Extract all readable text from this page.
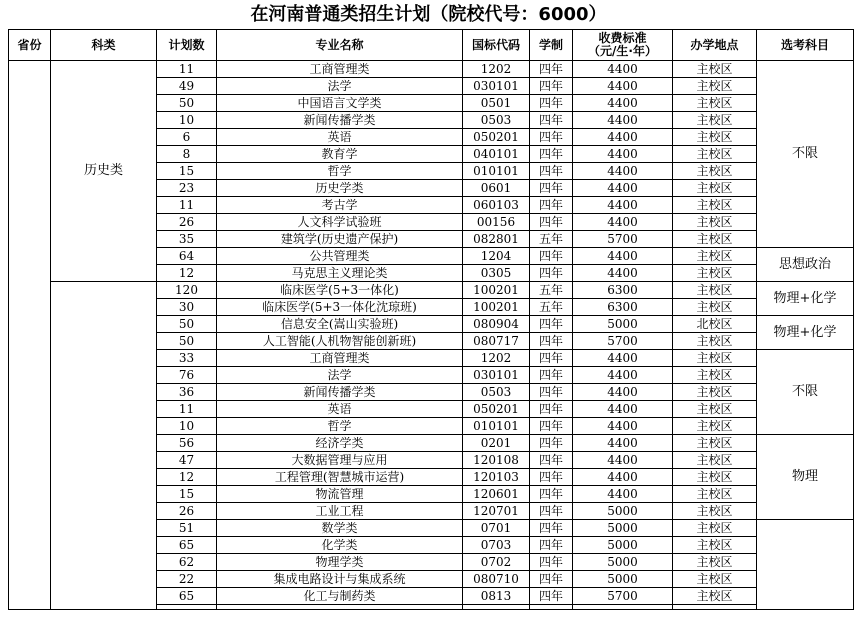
在河南普通类招生计划（院校代号：6000）
省份	科类	计划数	专业名称	国标代码	学制	收费标准
（元/生·年）	办学地点	选考科目
	历史类	11	工商管理类	1202	四年	4400	主校区	不限
		49	法学	030101	四年	4400	主校区	
		50	中国语言文学类	0501	四年	4400	主校区	
		10	新闻传播学类	0503	四年	4400	主校区	
		6	英语	050201	四年	4400	主校区	
		8	教育学	040101	四年	4400	主校区	
		15	哲学	010101	四年	4400	主校区	
		23	历史学类	0601	四年	4400	主校区	
		11	考古学	060103	四年	4400	主校区	
		26	人文科学试验班	00156	四年	4400	主校区	
		35	建筑学(历史遗产保护)	082801	五年	5700	主校区	
		64	公共管理类	1204	四年	4400	主校区	思想政治
		12	马克思主义理论类	0305	四年	4400	主校区	
		120	临床医学(5+3一体化)	100201	五年	6300	主校区	物理+化学
		30	临床医学(5+3一体化沈琼班)	100201	五年	6300	主校区	
		50	信息安全(嵩山实验班)	080904	四年	5000	北校区	物理+化学
		50	人工智能(人机物智能创新班)	080717	四年	5700	主校区	
		33	工商管理类	1202	四年	4400	主校区	不限
		76	法学	030101	四年	4400	主校区	
		36	新闻传播学类	0503	四年	4400	主校区	
		11	英语	050201	四年	4400	主校区	
		10	哲学	010101	四年	4400	主校区	
		56	经济学类	0201	四年	4400	主校区	物理
		47	大数据管理与应用	120108	四年	4400	主校区	
		12	工程管理(智慧城市运营)	120103	四年	4400	主校区	
		15	物流管理	120601	四年	4400	主校区	
		26	工业工程	120701	四年	5000	主校区	
		51	数学类	0701	四年	5000	主校区	
		65	化学类	0703	四年	5000	主校区	
		62	物理学类	0702	四年	5000	主校区	
		22	集成电路设计与集成系统	080710	四年	5000	主校区	
		65	化工与制药类	0813	四年	5700	主校区	
